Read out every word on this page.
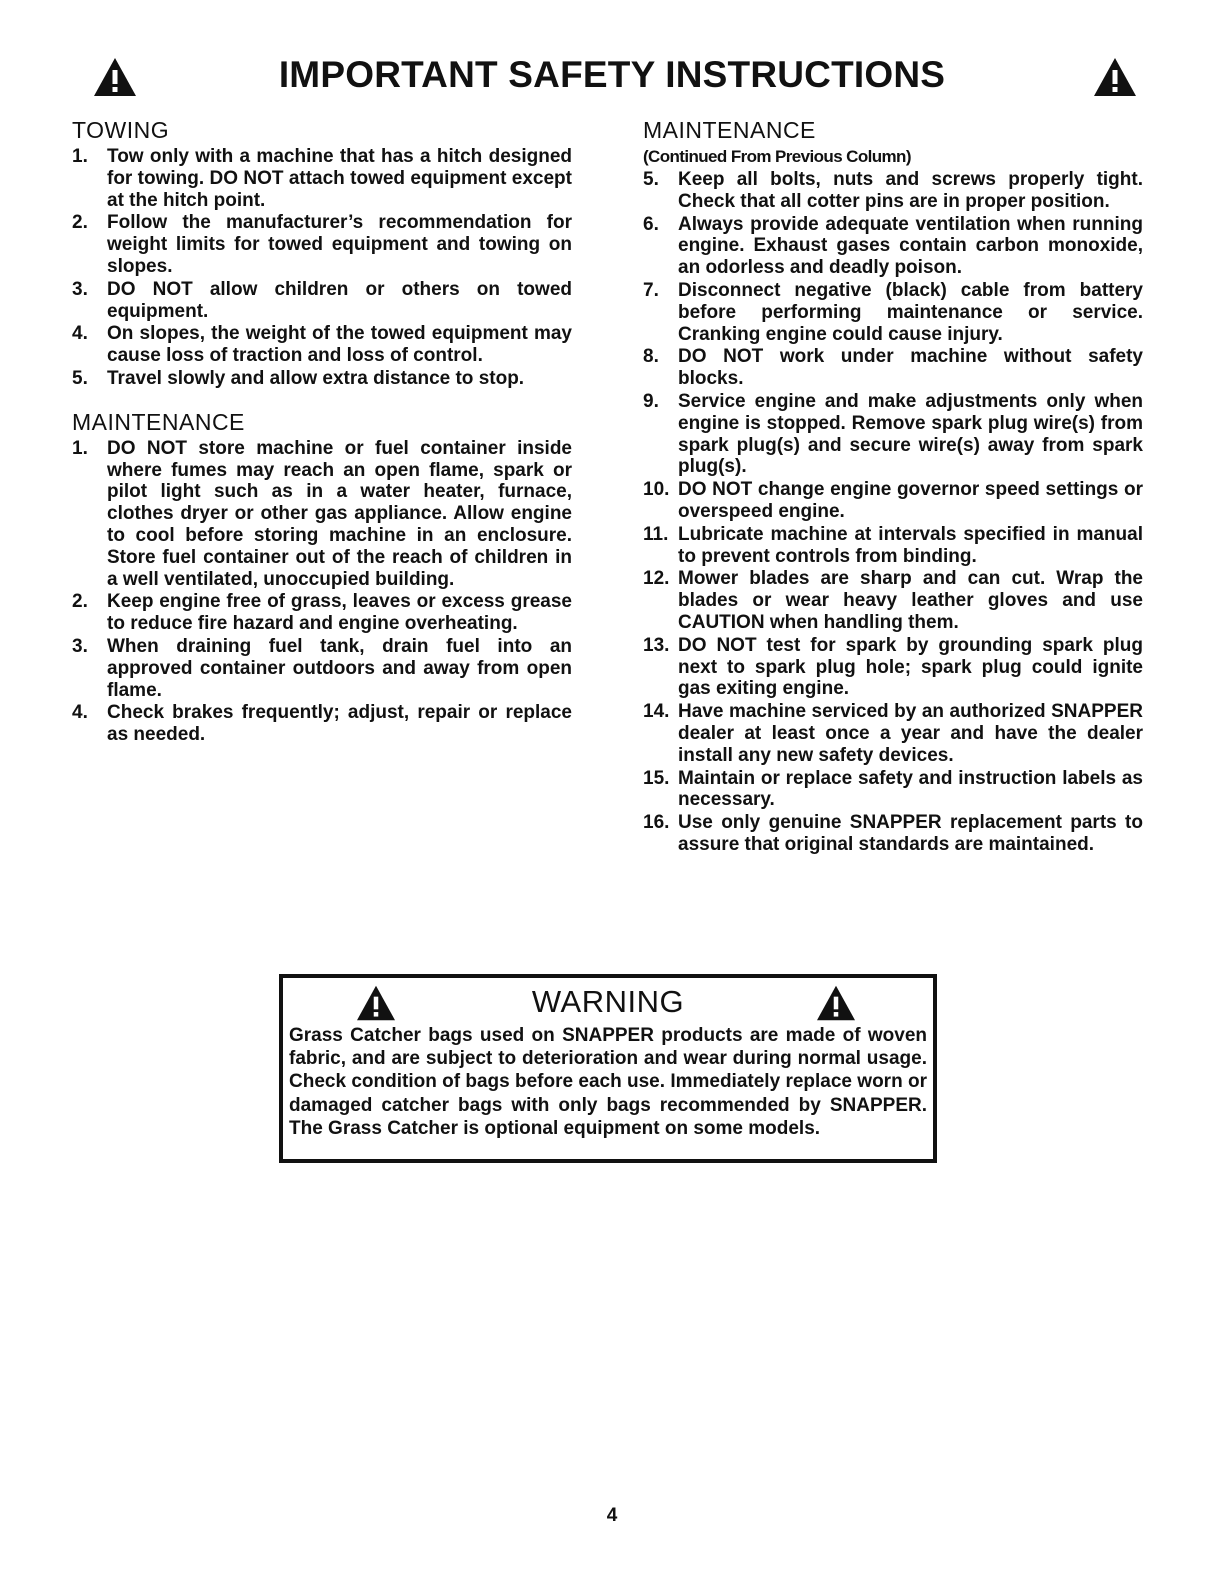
IMPORTANT SAFETY INSTRUCTIONS
TOWING
1. Tow only with a machine that has a hitch designed for towing. DO NOT attach towed equipment except at the hitch point.
2. Follow the manufacturer’s recommendation for weight limits for towed equipment and towing on slopes.
3. DO NOT allow children or others on towed equipment.
4. On slopes, the weight of the towed equipment may cause loss of traction and loss of control.
5. Travel slowly and allow extra distance to stop.
MAINTENANCE
1. DO NOT store machine or fuel container inside where fumes may reach an open flame, spark or pilot light such as in a water heater, furnace, clothes dryer or other gas appliance. Allow engine to cool before storing machine in an enclosure. Store fuel container out of the reach of children in a well ventilated, unoccupied building.
2. Keep engine free of grass, leaves or excess grease to reduce fire hazard and engine overheating.
3. When draining fuel tank, drain fuel into an approved container outdoors and away from open flame.
4. Check brakes frequently; adjust, repair or replace as needed.
MAINTENANCE
(Continued From Previous Column)
5. Keep all bolts, nuts and screws properly tight. Check that all cotter pins are in proper position.
6. Always provide adequate ventilation when running engine. Exhaust gases contain carbon monoxide, an odorless and deadly poison.
7. Disconnect negative (black) cable from battery before performing maintenance or service. Cranking engine could cause injury.
8. DO NOT work under machine without safety blocks.
9. Service engine and make adjustments only when engine is stopped. Remove spark plug wire(s) from spark plug(s) and secure wire(s) away from spark plug(s).
10. DO NOT change engine governor speed settings or overspeed engine.
11. Lubricate machine at intervals specified in manual to prevent controls from binding.
12. Mower blades are sharp and can cut. Wrap the blades or wear heavy leather gloves and use CAUTION when handling them.
13. DO NOT test for spark by grounding spark plug next to spark plug hole; spark plug could ignite gas exiting engine.
14. Have machine serviced by an authorized SNAPPER dealer at least once a year and have the dealer install any new safety devices.
15. Maintain or replace safety and instruction labels as necessary.
16. Use only genuine SNAPPER replacement parts to assure that original standards are maintained.
WARNING
Grass Catcher bags used on SNAPPER products are made of woven fabric, and are subject to deterioration and wear during normal usage. Check condition of bags before each use. Immediately replace worn or damaged catcher bags with only bags recommended by SNAPPER. The Grass Catcher is optional equipment on some models.
4
